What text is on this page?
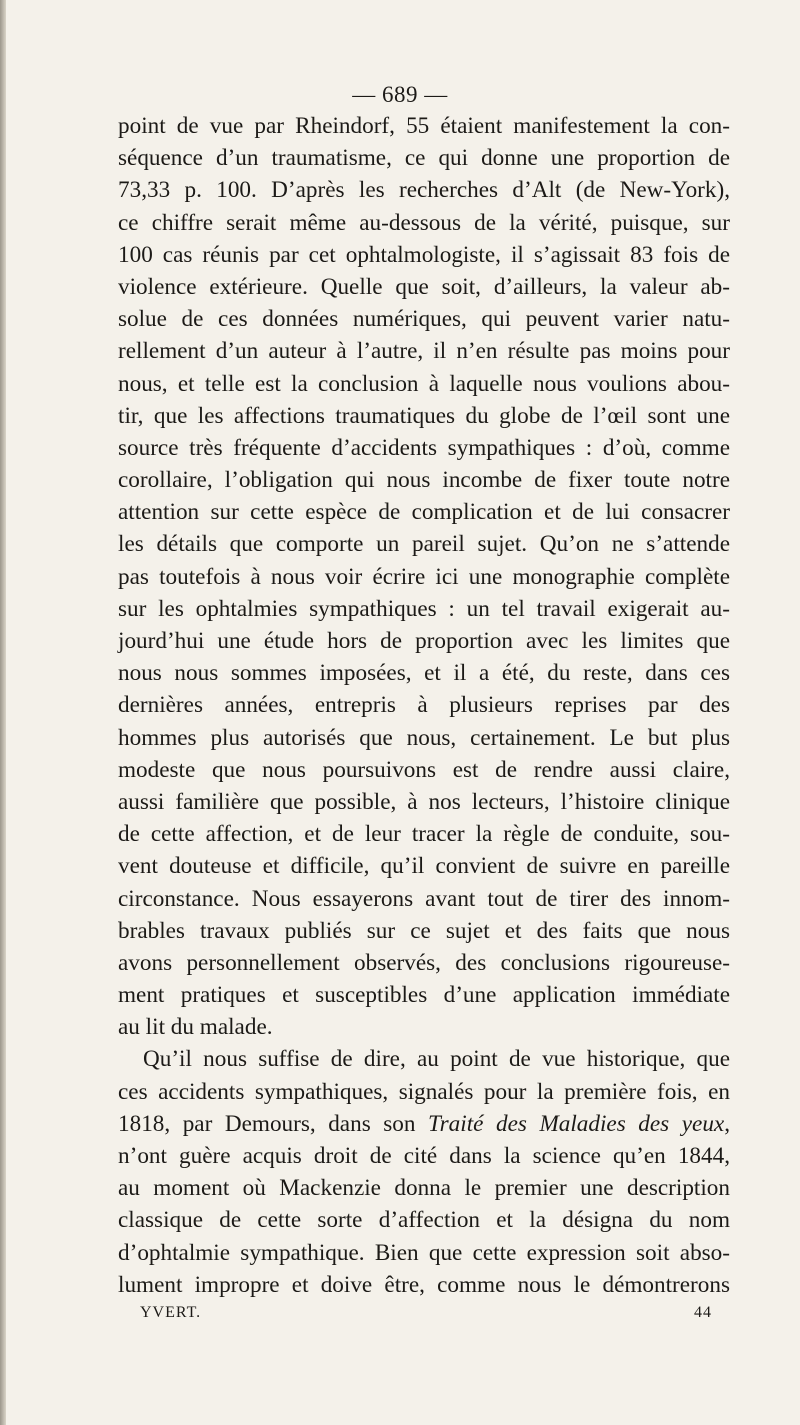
— 689 —
point de vue par Rheindorf, 55 étaient manifestement la con-
séquence d’un traumatisme, ce qui donne une proportion de
73,33 p. 100. D’après les recherches d’Alt (de New-York),
ce chiffre serait même au-dessous de la vérité, puisque, sur
100 cas réunis par cet ophtalmologiste, il s’agissait 83 fois de
violence extérieure. Quelle que soit, d’ailleurs, la valeur ab-
solue de ces données numériques, qui peuvent varier natu-
rellement d’un auteur à l’autre, il n’en résulte pas moins pour
nous, et telle est la conclusion à laquelle nous voulions abou-
tir, que les affections traumatiques du globe de l’œil sont une
source très fréquente d’accidents sympathiques : d’où, comme
corollaire, l’obligation qui nous incombe de fixer toute notre
attention sur cette espèce de complication et de lui consacrer
les détails que comporte un pareil sujet. Qu’on ne s’attende
pas toutefois à nous voir écrire ici une monographie complète
sur les ophtalmies sympathiques : un tel travail exigerait au-
jourd’hui une étude hors de proportion avec les limites que
nous nous sommes imposées, et il a été, du reste, dans ces
dernières années, entrepris à plusieurs reprises par des
hommes plus autorisés que nous, certainement. Le but plus
modeste que nous poursuivons est de rendre aussi claire,
aussi familière que possible, à nos lecteurs, l’histoire clinique
de cette affection, et de leur tracer la règle de conduite, sou-
vent douteuse et difficile, qu’il convient de suivre en pareille
circonstance. Nous essayerons avant tout de tirer des innom-
brables travaux publiés sur ce sujet et des faits que nous
avons personnellement observés, des conclusions rigoureuse-
ment pratiques et susceptibles d’une application immédiate
au lit du malade.
Qu’il nous suffise de dire, au point de vue historique, que
ces accidents sympathiques, signalés pour la première fois, en
1818, par Demours, dans son Traité des Maladies des yeux,
n’ont guère acquis droit de cité dans la science qu’en 1844,
au moment où Mackenzie donna le premier une description
classique de cette sorte d’affection et la désigna du nom
d’ophtalmie sympathique. Bien que cette expression soit abso-
lument impropre et doive être, comme nous le démontrerons
YVERT.	44
